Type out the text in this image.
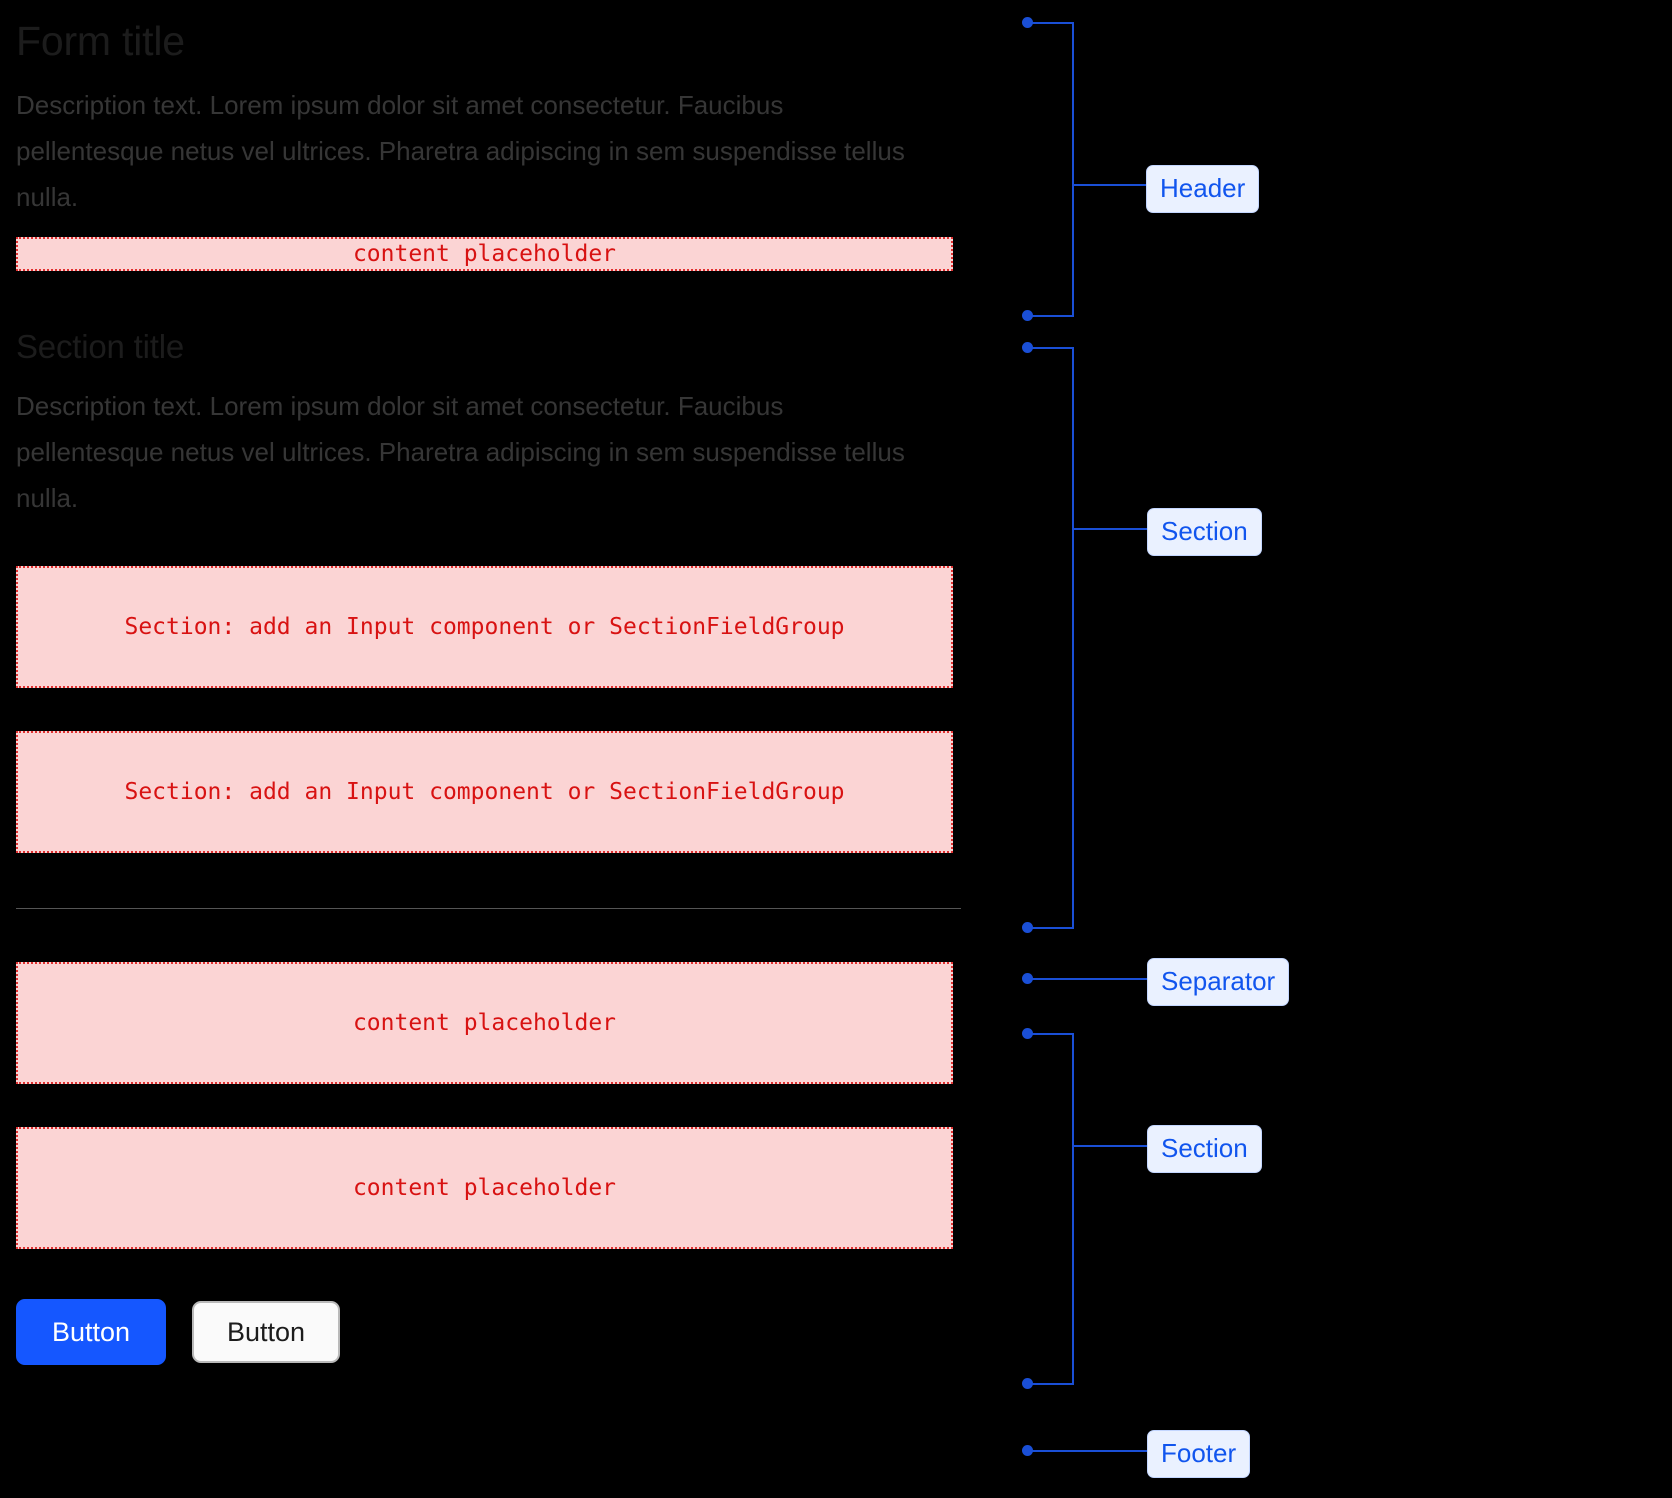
Form title

Description text. Lorem ipsum dolor sit amet consectetur. Faucibus pellentesque netus vel ultrices. Pharetra adipiscing in sem suspendisse tellus nulla.

content placeholder
Section title

Description text. Lorem ipsum dolor sit amet consectetur. Faucibus pellentesque netus vel ultrices. Pharetra adipiscing in sem suspendisse tellus nulla.

Section: add an Input component or SectionFieldGroup
Section: add an Input component or SectionFieldGroup
content placeholder
content placeholder
Button	Button
Header
Section
Separator
Section
Footer
